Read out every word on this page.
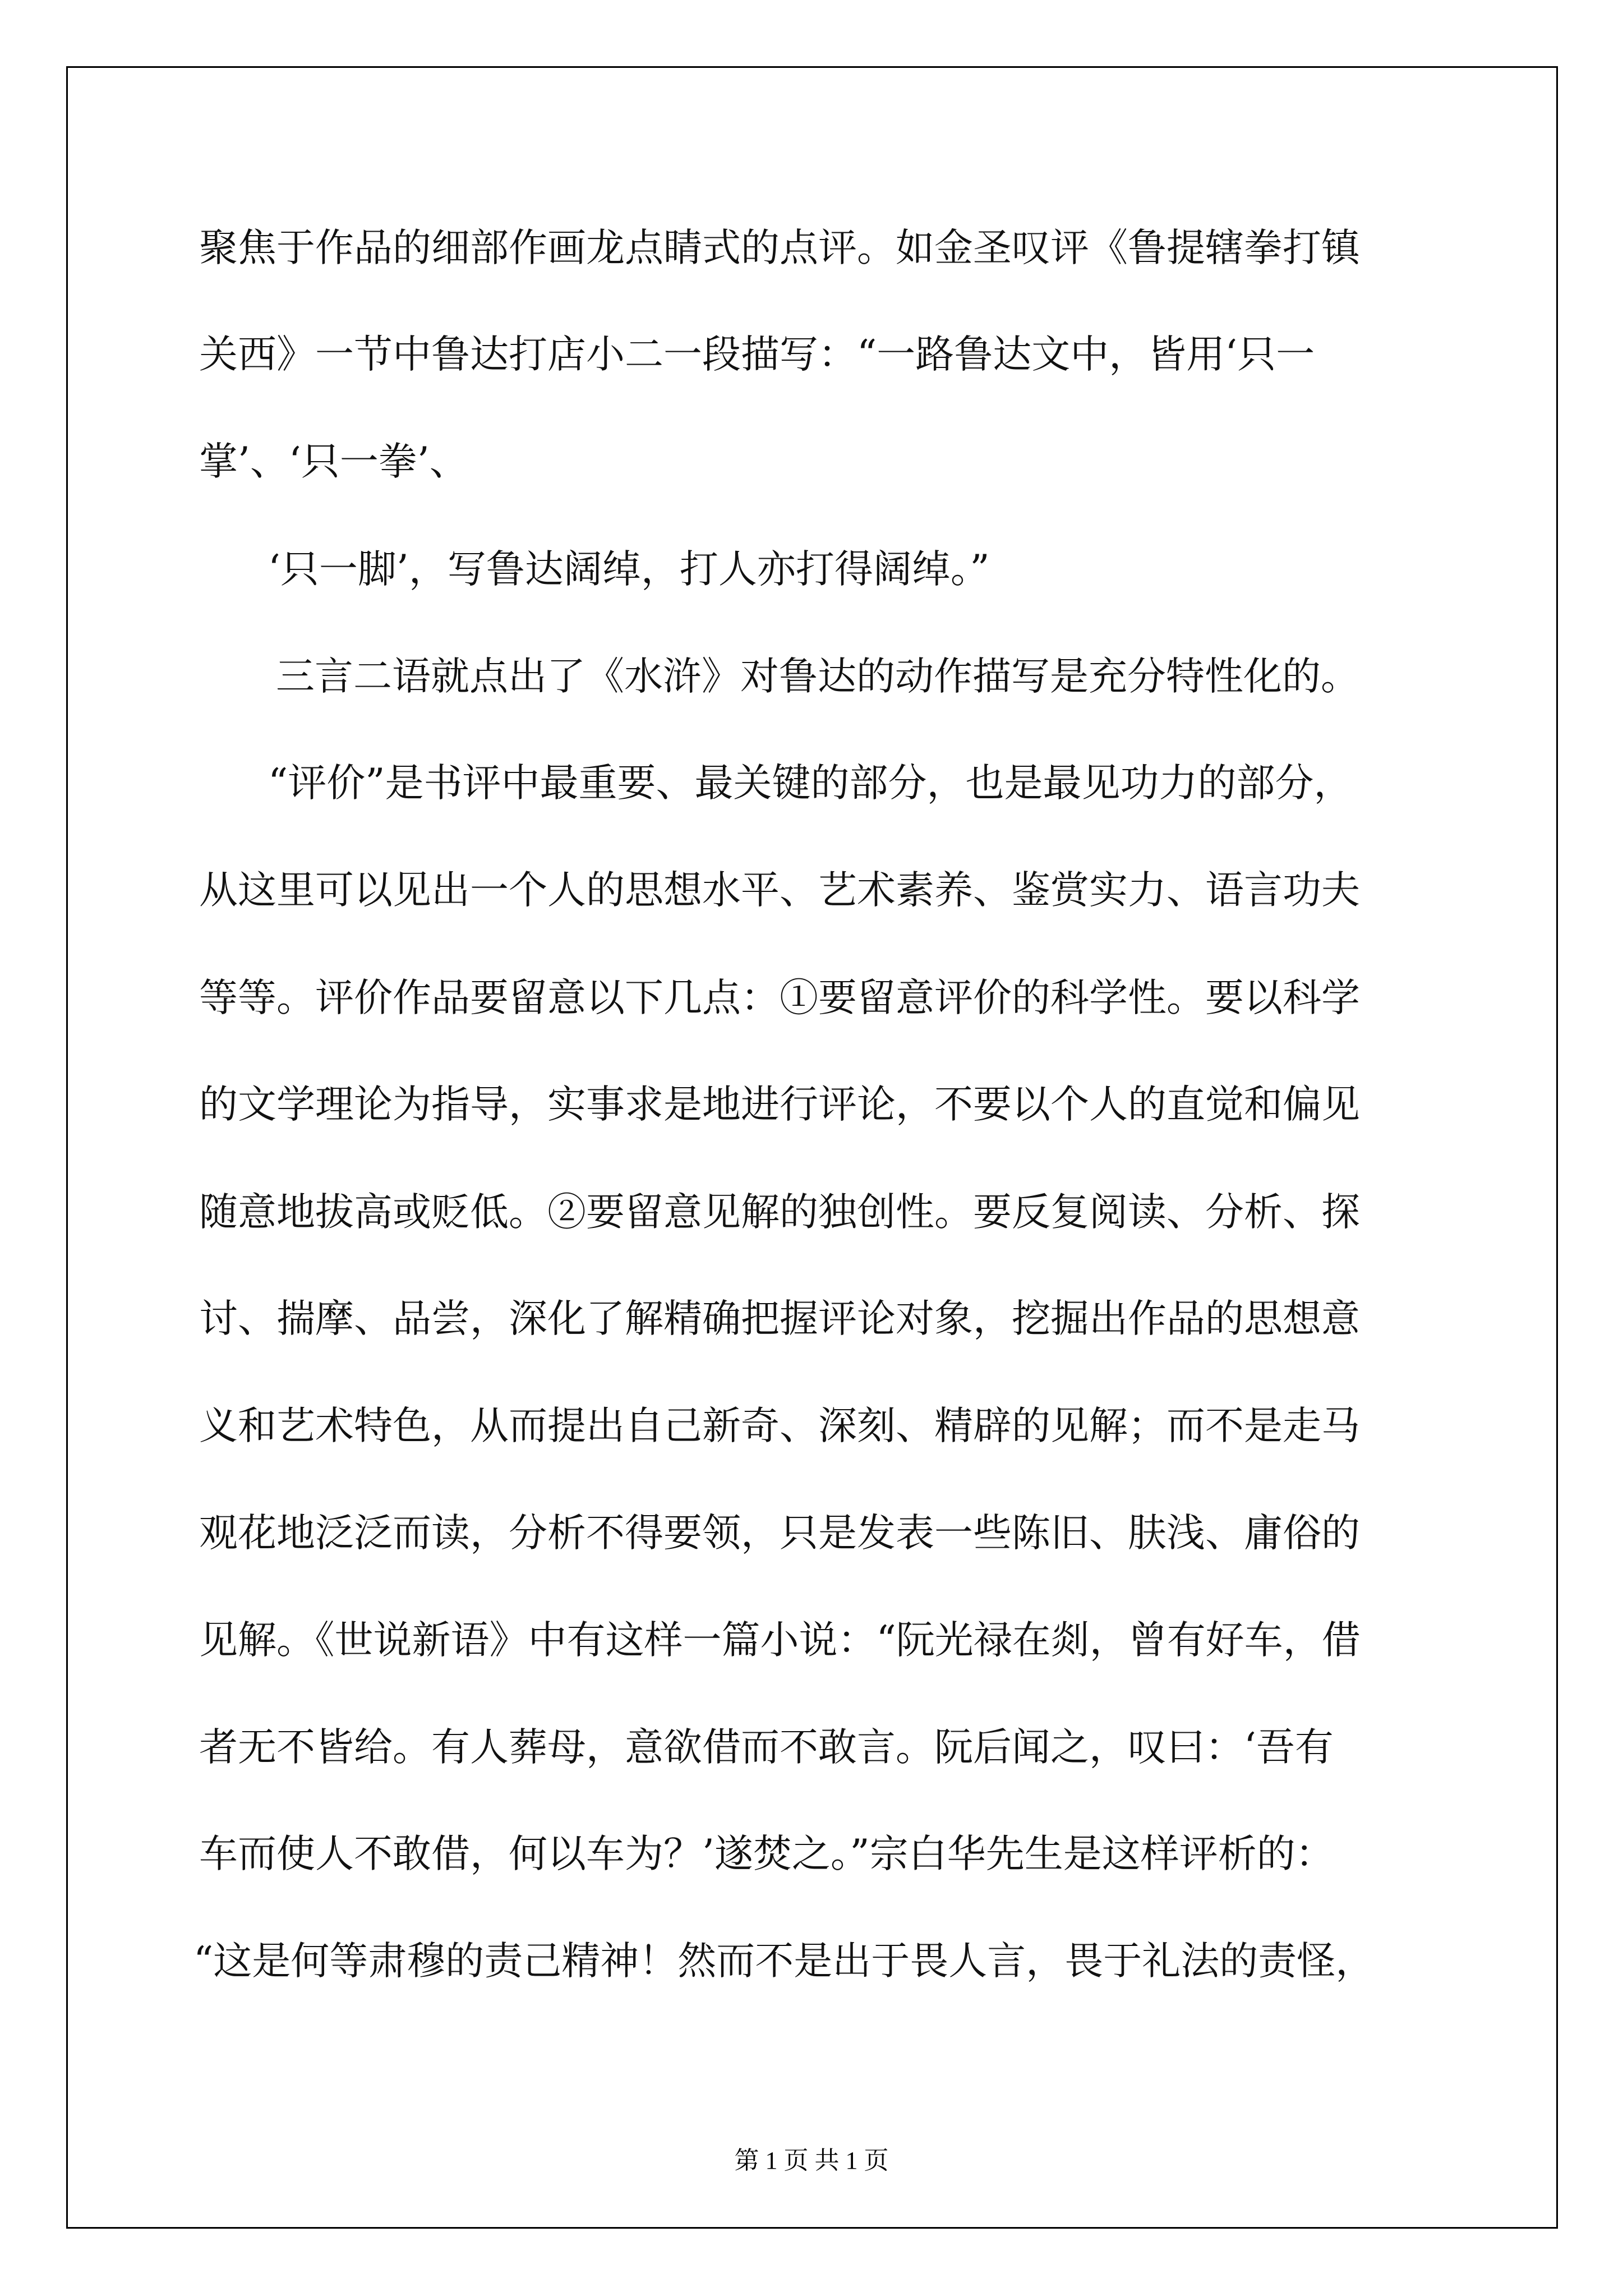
聚焦于作品的细部作画龙点睛式的点评。如金圣叹评《鲁提辖拳打镇
关西》一节中鲁达打店小二一段描写：“一路鲁达文中，皆用‘只一
掌’、‘只一拳’、
‘只一脚’，写鲁达阔绰，打人亦打得阔绰。”
三言二语就点出了《水浒》对鲁达的动作描写是充分特性化的。
“评价”是书评中最重要、最关键的部分，也是最见功力的部分，
从这里可以见出一个人的思想水平、艺术素养、鉴赏实力、语言功夫
等等。评价作品要留意以下几点：①要留意评价的科学性。要以科学
的文学理论为指导，实事求是地进行评论，不要以个人的直觉和偏见
随意地拔高或贬低。②要留意见解的独创性。要反复阅读、分析、探
讨、揣摩、品尝，深化了解精确把握评论对象，挖掘出作品的思想意
义和艺术特色，从而提出自己新奇、深刻、精辟的见解；而不是走马
观花地泛泛而读，分析不得要领，只是发表一些陈旧、肤浅、庸俗的
见解。《世说新语》中有这样一篇小说：“阮光禄在剡，曾有好车，借
者无不皆给。有人葬母，意欲借而不敢言。阮后闻之，叹曰：‘吾有
车而使人不敢借，何以车为？’遂焚之。”宗白华先生是这样评析的：
“这是何等肃穆的责己精神！然而不是出于畏人言，畏于礼法的责怪，
第 1 页 共 1 页
